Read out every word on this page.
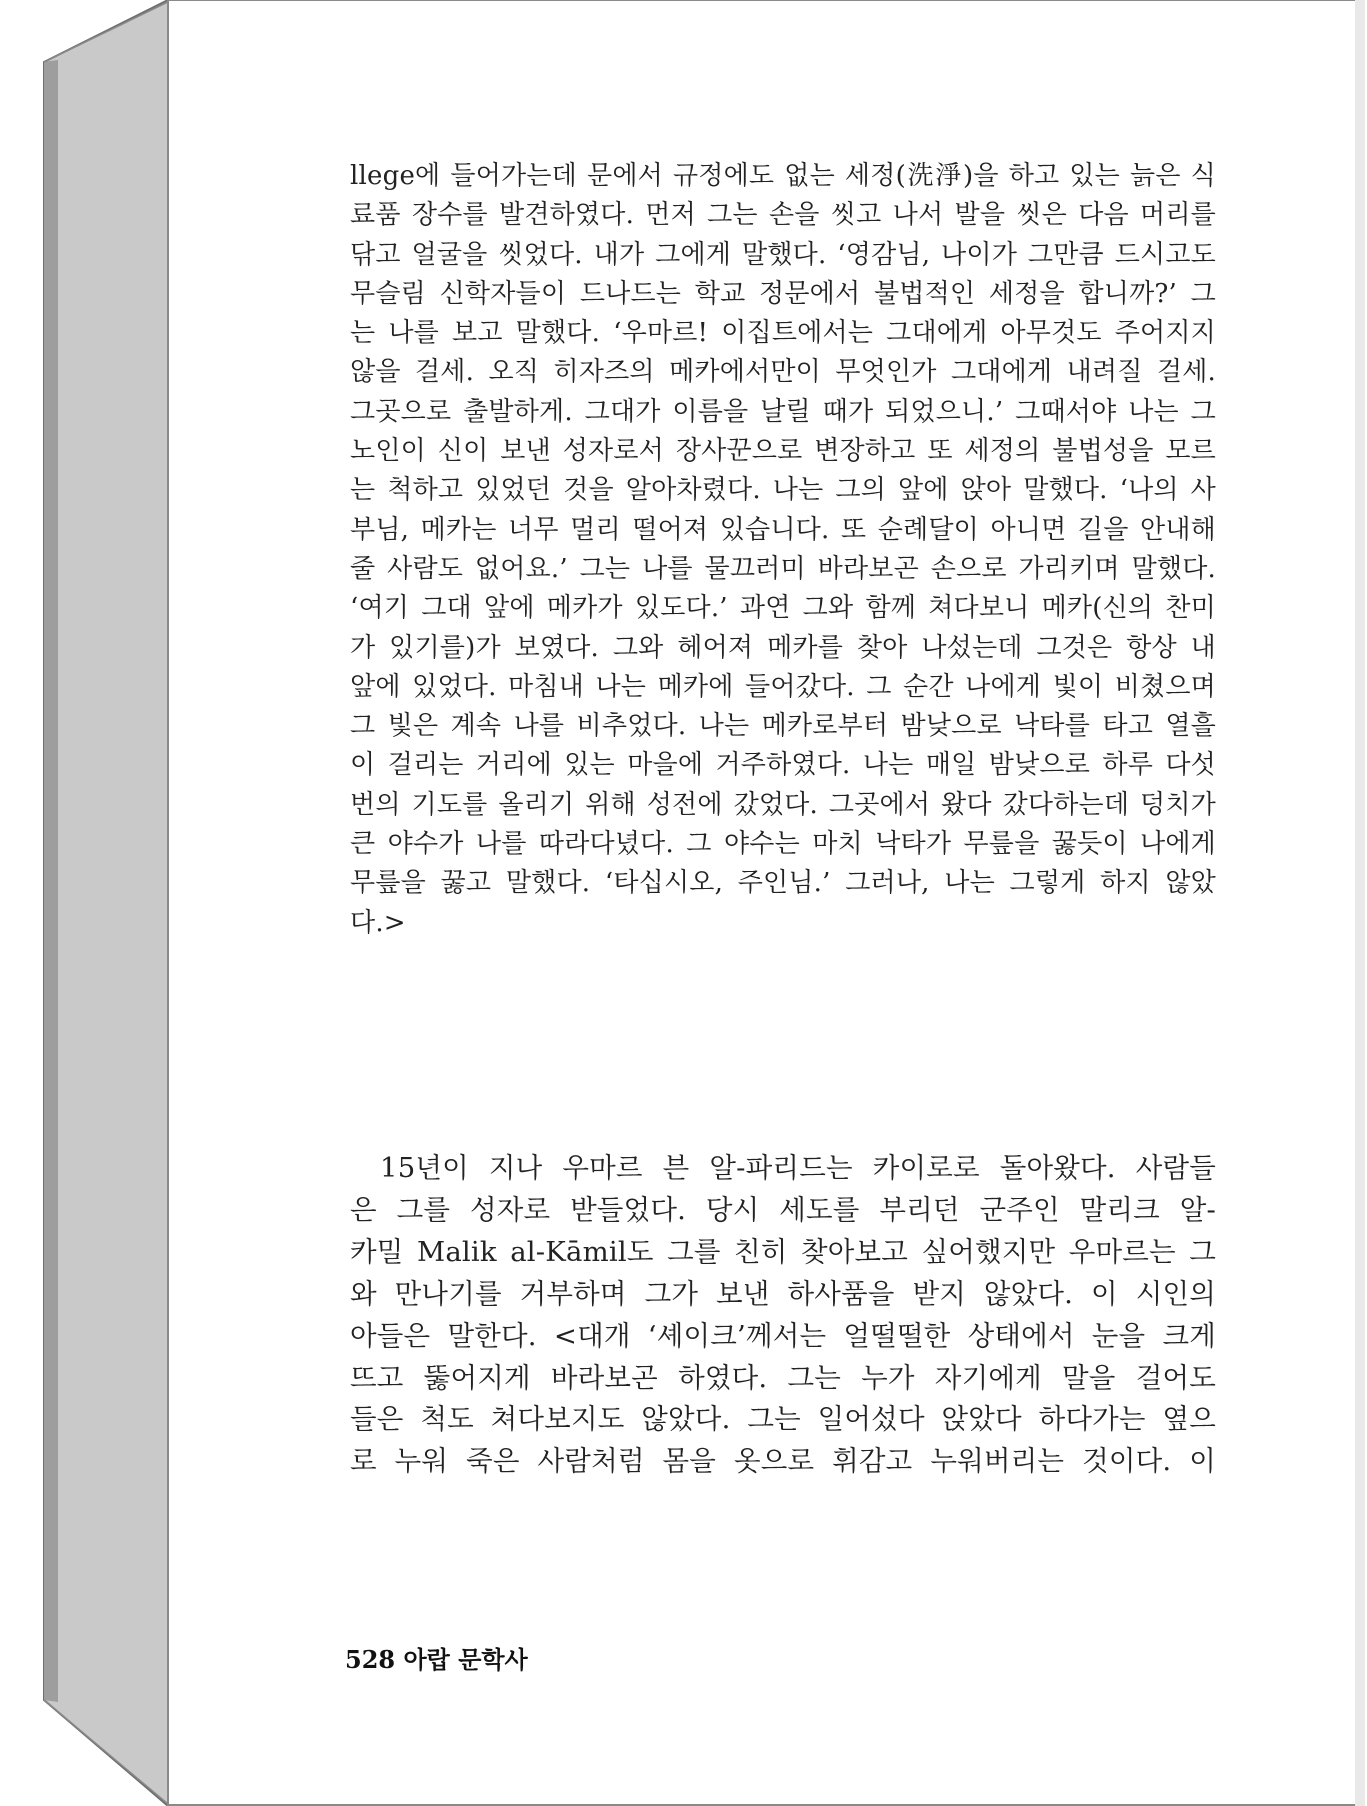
llege에 들어가는데 문에서 규정에도 없는 세정(洗淨)을 하고 있는 늙은 식
료품 장수를 발견하였다. 먼저 그는 손을 씻고 나서 발을 씻은 다음 머리를
닦고 얼굴을 씻었다. 내가 그에게 말했다. ‘영감님, 나이가 그만큼 드시고도
무슬림 신학자들이 드나드는 학교 정문에서 불법적인 세정을 합니까?’ 그
는 나를 보고 말했다. ‘우마르! 이집트에서는 그대에게 아무것도 주어지지
않을 걸세. 오직 히자즈의 메카에서만이 무엇인가 그대에게 내려질 걸세.
그곳으로 출발하게. 그대가 이름을 날릴 때가 되었으니.’ 그때서야 나는 그
노인이 신이 보낸 성자로서 장사꾼으로 변장하고 또 세정의 불법성을 모르
는 척하고 있었던 것을 알아차렸다. 나는 그의 앞에 앉아 말했다. ‘나의 사
부님, 메카는 너무 멀리 떨어져 있습니다. 또 순례달이 아니면 길을 안내해
줄 사람도 없어요.’ 그는 나를 물끄러미 바라보곤 손으로 가리키며 말했다.
‘여기 그대 앞에 메카가 있도다.’ 과연 그와 함께 쳐다보니 메카(신의 찬미
가 있기를)가 보였다. 그와 헤어져 메카를 찾아 나섰는데 그것은 항상 내
앞에 있었다. 마침내 나는 메카에 들어갔다. 그 순간 나에게 빛이 비쳤으며
그 빛은 계속 나를 비추었다. 나는 메카로부터 밤낮으로 낙타를 타고 열흘
이 걸리는 거리에 있는 마을에 거주하였다. 나는 매일 밤낮으로 하루 다섯
번의 기도를 올리기 위해 성전에 갔었다. 그곳에서 왔다 갔다하는데 덩치가
큰 야수가 나를 따라다녔다. 그 야수는 마치 낙타가 무릎을 꿇듯이 나에게
무릎을 꿇고 말했다. ‘타십시오, 주인님.’ 그러나, 나는 그렇게 하지 않았
다.>
15년이 지나 우마르 븐 알-파리드는 카이로로 돌아왔다. 사람들
은 그를 성자로 받들었다. 당시 세도를 부리던 군주인 말리크 알-
카밀 Malik al-Kāmil도 그를 친히 찾아보고 싶어했지만 우마르는 그
와 만나기를 거부하며 그가 보낸 하사품을 받지 않았다. 이 시인의
아들은 말한다. <대개 ‘셰이크’께서는 얼떨떨한 상태에서 눈을 크게
뜨고 뚫어지게 바라보곤 하였다. 그는 누가 자기에게 말을 걸어도
들은 척도 쳐다보지도 않았다. 그는 일어섰다 앉았다 하다가는 옆으
로 누워 죽은 사람처럼 몸을 옷으로 휘감고 누워버리는 것이다. 이
528 아랍 문학사
